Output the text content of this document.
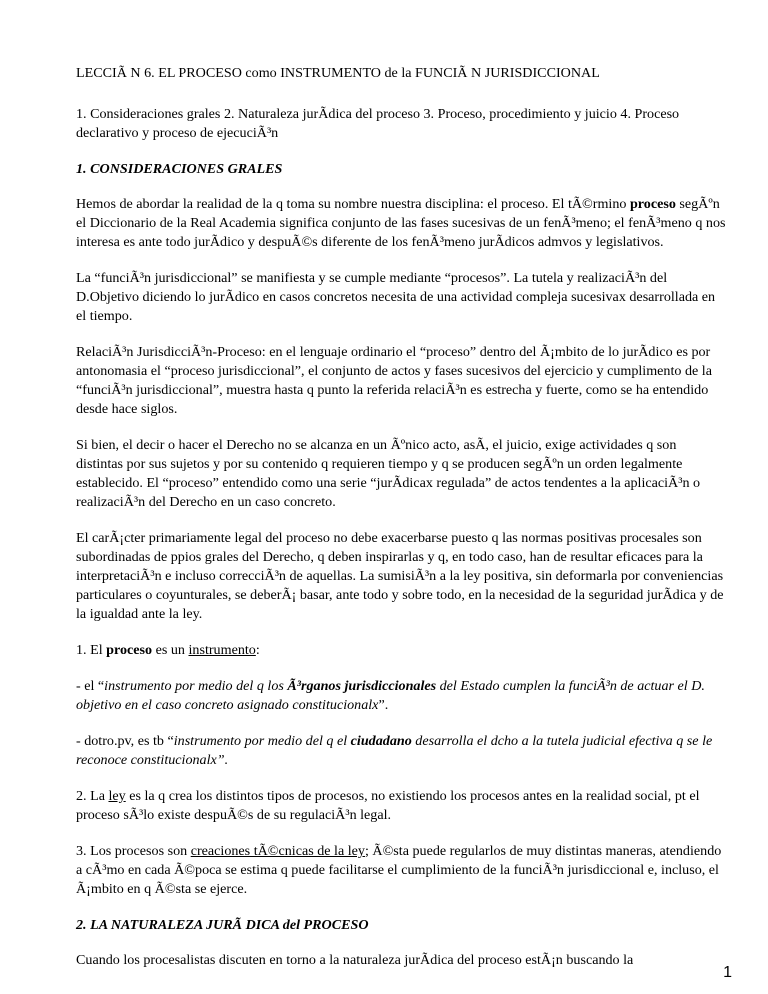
LECCIÃ N 6. EL PROCESO como INSTRUMENTO de la FUNCIÃ N JURISDICCIONAL

1. Consideraciones grales 2. Naturaleza jurÃdica del proceso 3. Proceso, procedimiento y juicio 4. Proceso declarativo y proceso de ejecuciÃ³n

1. CONSIDERACIONES GRALES

Hemos de abordar la realidad de la q toma su nombre nuestra disciplina: el proceso. El tÃ©rmino proceso segÃºn el Diccionario de la Real Academia significa conjunto de las fases sucesivas de un fenÃ³meno; el fenÃ³meno q nos interesa es ante todo jurÃdico y despuÃ©s diferente de los fenÃ³meno jurÃdicos admvos y legislativos.

La “funciÃ³n jurisdiccional” se manifiesta y se cumple mediante “procesos”. La tutela y realizaciÃ³n del D.Objetivo diciendo lo jurÃdico en casos concretos necesita de una actividad compleja sucesivax desarrollada en el tiempo.

RelaciÃ³n JurisdicciÃ³n-Proceso: en el lenguaje ordinario el “proceso” dentro del Ã¡mbito de lo jurÃdico es por antonomasia el “proceso jurisdiccional”, el conjunto de actos y fases sucesivos del ejercicio y cumplimento de la “funciÃ³n jurisdiccional”, muestra hasta q punto la referida relaciÃ³n es estrecha y fuerte, como se ha entendido desde hace siglos.

Si bien, el decir o hacer el Derecho no se alcanza en un Ãºnico acto, asÃ, el juicio, exige actividades q son distintas por sus sujetos y por su contenido q requieren tiempo y q se producen segÃºn un orden legalmente establecido. El “proceso” entendido como una serie “jurÃdicax regulada” de actos tendentes a la aplicaciÃ³n o realizaciÃ³n del Derecho en un caso concreto.

El carÃ¡cter primariamente legal del proceso no debe exacerbarse puesto q las normas positivas procesales son subordinadas de ppios grales del Derecho, q deben inspirarlas y q, en todo caso, han de resultar eficaces para la interpretaciÃ³n e incluso correcciÃ³n de aquellas. La sumisiÃ³n a la ley positiva, sin deformarla por conveniencias particulares o coyunturales, se deberÃ¡ basar, ante todo y sobre todo, en la necesidad de la seguridad jurÃdica y de la igualdad ante la ley.

1. El proceso es un instrumento:

- el “instrumento por medio del q los Ã³rganos jurisdiccionales del Estado cumplen la funciÃ³n de actuar el D. objetivo en el caso concreto asignado constitucionalx”.

- dotro.pv, es tb “instrumento por medio del q el ciudadano desarrolla el dcho a la tutela judicial efectiva q se le reconoce constitucionalx”.

2. La ley es la q crea los distintos tipos de procesos, no existiendo los procesos antes en la realidad social, pt el proceso sÃ³lo existe despuÃ©s de su regulaciÃ³n legal.

3. Los procesos son creaciones tÃ©cnicas de la ley; Ã©sta puede regularlos de muy distintas maneras, atendiendo a cÃ³mo en cada Ã©poca se estima q puede facilitarse el cumplimiento de la funciÃ³n jurisdiccional e, incluso, el Ã¡mbito en q Ã©sta se ejerce.

2. LA NATURALEZA JURÃ DICA del PROCESO

Cuando los procesalistas discuten en torno a la naturaleza jurÃdica del proceso estÃ¡n buscando la

1
